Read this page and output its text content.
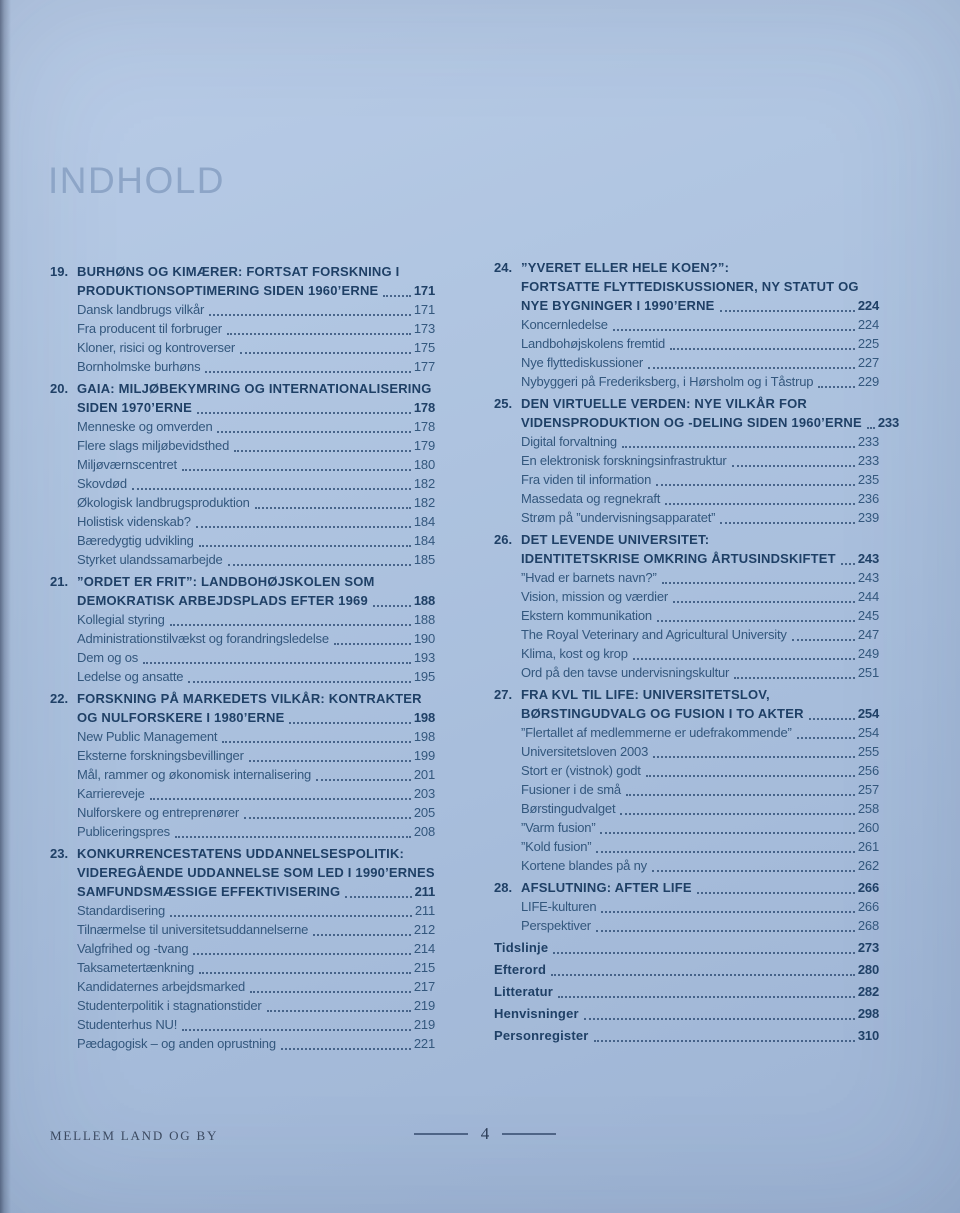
INDHOLD
19. BURHØNS OG KIMÆRER: FORTSAT FORSKNING I
PRODUKTIONSOPTIMERING SIDEN 1960’ERNE	171
Dansk landbrugs vilkår	171
Fra producent til forbruger	173
Kloner, risici og kontroverser	175
Bornholmske burhøns	177
20. GAIA: MILJØBEKYMRING OG INTERNATIONALISERING
SIDEN 1970’ERNE	178
Menneske og omverden	178
Flere slags miljøbevidsthed	179
Miljøværnscentret	180
Skovdød	182
Økologisk landbrugsproduktion	182
Holistisk videnskab?	184
Bæredygtig udvikling	184
Styrket ulandssamarbejde	185
21. ”ORDET ER FRIT”: LANDBOHØJSKOLEN SOM
DEMOKRATISK ARBEJDSPLADS EFTER 1969	188
Kollegial styring	188
Administrationstilvækst og forandringsledelse	190
Dem og os	193
Ledelse og ansatte	195
22. FORSKNING PÅ MARKEDETS VILKÅR: KONTRAKTER
OG NULFORSKERE I 1980’ERNE	198
New Public Management	198
Eksterne forskningsbevillinger	199
Mål, rammer og økonomisk internalisering	201
Karriereveje	203
Nulforskere og entreprenører	205
Publiceringspres	208
23. KONKURRENCESTATENS UDDANNELSESPOLITIK:
VIDEREGÅENDE UDDANNELSE SOM LED I 1990’ERNES
SAMFUNDSMÆSSIGE EFFEKTIVISERING	211
Standardisering	211
Tilnærmelse til universitetsuddannelserne	212
Valgfrihed og -tvang	214
Taksametertænkning	215
Kandidaternes arbejdsmarked	217
Studenterpolitik i stagnationstider	219
Studenterhus NU!	219
Pædagogisk – og anden oprustning	221
24. ”YVERET ELLER HELE KOEN?”:
FORTSATTE FLYTTEDISKUSSIONER, NY STATUT OG
NYE BYGNINGER I 1990’ERNE	224
Koncernledelse	224
Landbohøjskolens fremtid	225
Nye flyttediskussioner	227
Nybyggeri på Frederiksberg, i Hørsholm og i Tåstrup	229
25. DEN VIRTUELLE VERDEN: NYE VILKÅR FOR
VIDENSPRODUKTION OG -DELING SIDEN 1960’ERNE 233
Digital forvaltning	233
En elektronisk forskningsinfrastruktur	233
Fra viden til information	235
Massedata og regnekraft	236
Strøm på ”undervisningsapparatet”	239
26. DET LEVENDE UNIVERSITET:
IDENTITETSKRISE OMKRING ÅRTUSINDSKIFTET 243
”Hvad er barnets navn?”	243
Vision, mission og værdier	244
Ekstern kommunikation	245
The Royal Veterinary and Agricultural University	247
Klima, kost og krop	249
Ord på den tavse undervisningskultur	251
27. FRA KVL TIL LIFE: UNIVERSITETSLOV,
BØRSTINGUDVALG OG FUSION I TO AKTER	254
”Flertallet af medlemmerne er udefrakommende”	254
Universitetsloven 2003	255
Stort er (vistnok) godt	256
Fusioner i de små	257
Børstingudvalget	258
”Varm fusion”	260
”Kold fusion”	261
Kortene blandes på ny	262
28. AFSLUTNING: AFTER LIFE	266
LIFE-kulturen	266
Perspektiver	268
Tidslinje	273
Efterord	280
Litteratur	282
Henvisninger	298
Personregister	310
MELLEM LAND OG BY	4
